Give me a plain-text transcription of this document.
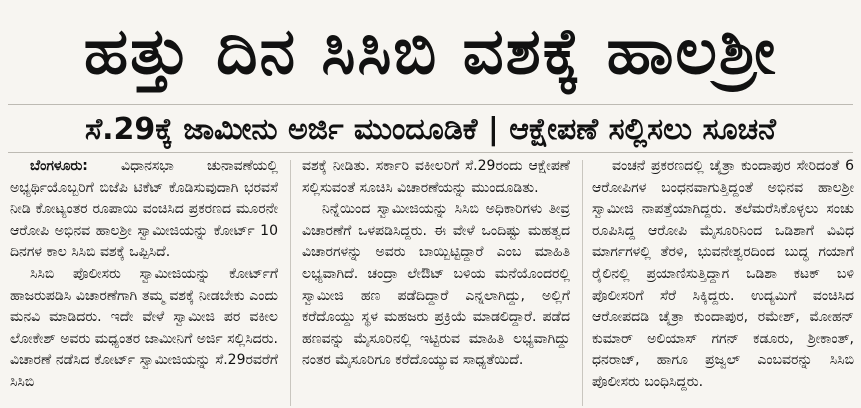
ಹತ್ತು ದಿನ ಸಿಸಿಬಿ ವಶಕ್ಕೆ ಹಾಲಶ್ರೀ
ಸೆ.29ಕ್ಕೆ ಜಾಮೀನು ಅರ್ಜಿ ಮುಂದೂಡಿಕೆ | ಆಕ್ಷೇಪಣೆ ಸಲ್ಲಿಸಲು ಸೂಚನೆ

ಬೆಂಗಳೂರು: ವಿಧಾನಸಭಾ ಚುನಾವಣೆಯಲ್ಲಿ ಅಭ್ಯರ್ಥಿಯೊಬ್ಬರಿಗೆ ಬಿಜೆಪಿ ಟಿಕೆಟ್ ಕೊಡಿಸುವುದಾಗಿ ಭರವಸೆ ನೀಡಿ ಕೋಟ್ಯಂತರ ರೂಪಾಯಿ ವಂಚಿಸಿದ ಪ್ರಕರಣದ ಮೂರನೇ ಆರೋಪಿ ಅಭಿನವ ಹಾಲಶ್ರೀ ಸ್ವಾಮೀಜಿಯನ್ನು ಕೋರ್ಟ್ 10 ದಿನಗಳ ಕಾಲ ಸಿಸಿಬಿ ವಶಕ್ಕೆ ಒಪ್ಪಿಸಿದೆ.

ಸಿಸಿಬಿ ಪೊಲೀಸರು ಸ್ವಾಮೀಜಿಯನ್ನು ಕೋರ್ಟ್‌ಗೆ ಹಾಜರುಪಡಿಸಿ ವಿಚಾರಣೆಗಾಗಿ ತಮ್ಮ ವಶಕ್ಕೆ ನೀಡಬೇಕು ಎಂದು ಮನವಿ ಮಾಡಿದರು. ಇದೇ ವೇಳೆ ಸ್ವಾಮೀಜಿ ಪರ ವಕೀಲ ಲೋಕೇಶ್ ಅವರು ಮಧ್ಯಂತರ ಜಾಮೀನಿಗೆ ಅರ್ಜಿ ಸಲ್ಲಿಸಿದರು. ವಿಚಾರಣೆ ನಡೆಸಿದ ಕೋರ್ಟ್ ಸ್ವಾಮೀಜಿಯನ್ನು ಸೆ.29ರವರೆಗೆ ಸಿಸಿಬಿ

ವಶಕ್ಕೆ ನೀಡಿತು. ಸರ್ಕಾರಿ ವಕೀಲರಿಗೆ ಸೆ.29ರಂದು ಆಕ್ಷೇಪಣೆ ಸಲ್ಲಿಸುವಂತೆ ಸೂಚಿಸಿ ವಿಚಾರಣೆಯನ್ನು ಮುಂದೂಡಿತು.

ನಿನ್ನೆಯಿಂದ ಸ್ವಾಮೀಜಿಯನ್ನು ಸಿಸಿಬಿ ಅಧಿಕಾರಿಗಳು ತೀವ್ರ ವಿಚಾರಣೆಗೆ ಒಳಪಡಿಸಿದ್ದರು. ಈ ವೇಳೆ ಒಂದಿಷ್ಟು ಮಹತ್ವದ ವಿಚಾರಗಳನ್ನು ಅವರು ಬಾಯ್ಬಿಟ್ಟಿದ್ದಾರೆ ಎಂಬ ಮಾಹಿತಿ ಲಭ್ಯವಾಗಿದೆ. ಚಂದ್ರಾ ಲೇಔಟ್ ಬಳಿಯ ಮನೆಯೊಂದರಲ್ಲಿ ಸ್ವಾಮೀಜಿ ಹಣ ಪಡೆದಿದ್ದಾರೆ ಎನ್ನಲಾಗಿದ್ದು, ಅಲ್ಲಿಗೆ ಕರೆದೊಯ್ದು ಸ್ಥಳ ಮಹಜರು ಪ್ರಕ್ರಿಯೆ ಮಾಡಲಿದ್ದಾರೆ. ಪಡೆದ ಹಣವನ್ನು ಮೈಸೂರಿನಲ್ಲಿ ಇಟ್ಟಿರುವ ಮಾಹಿತಿ ಲಭ್ಯವಾಗಿದ್ದು ನಂತರ ಮೈಸೂರಿಗೂ ಕರೆದೊಯ್ಯುವ ಸಾಧ್ಯತೆಯಿದೆ.

ವಂಚನೆ ಪ್ರಕರಣದಲ್ಲಿ ಚೈತ್ರಾ ಕುಂದಾಪುರ ಸೇರಿದಂತೆ 6 ಆರೋಪಿಗಳ ಬಂಧನವಾಗುತ್ತಿದ್ದಂತೆ ಅಭಿನವ ಹಾಲಶ್ರೀ ಸ್ವಾಮೀಜಿ ನಾಪತ್ತೆಯಾಗಿದ್ದರು. ತಲೆಮರೆಸಿಕೊಳ್ಳಲು ಸಂಚು ರೂಪಿಸಿದ್ದ ಆರೋಪಿ ಮೈಸೂರಿನಿಂದ ಒಡಿಶಾಗೆ ವಿವಿಧ ಮಾರ್ಗಗಳಲ್ಲಿ ತೆರಳಿ, ಭುವನೇಶ್ವರದಿಂದ ಬುದ್ಧ ಗಯಾಗೆ ರೈಲಿನಲ್ಲಿ ಪ್ರಯಾಣಿಸುತ್ತಿದ್ದಾಗ ಒಡಿಶಾ ಕಟಕ್ ಬಳಿ ಪೊಲೀಸರಿಗೆ ಸೆರೆ ಸಿಕ್ಕಿದ್ದರು. ಉದ್ಯಮಿಗೆ ವಂಚಿಸಿದ ಆರೋಪದಡಿ ಚೈತ್ರಾ ಕುಂದಾಪುರ, ರಮೇಶ್, ಮೋಹನ್ ಕುಮಾರ್ ಅಲಿಯಾಸ್ ಗಗನ್ ಕಡೂರು, ಶ್ರೀಕಾಂತ್, ಧನರಾಜ್, ಹಾಗೂ ಪ್ರಜ್ವಲ್ ಎಂಬವರನ್ನು ಸಿಸಿಬಿ ಪೊಲೀಸರು ಬಂಧಿಸಿದ್ದರು.
